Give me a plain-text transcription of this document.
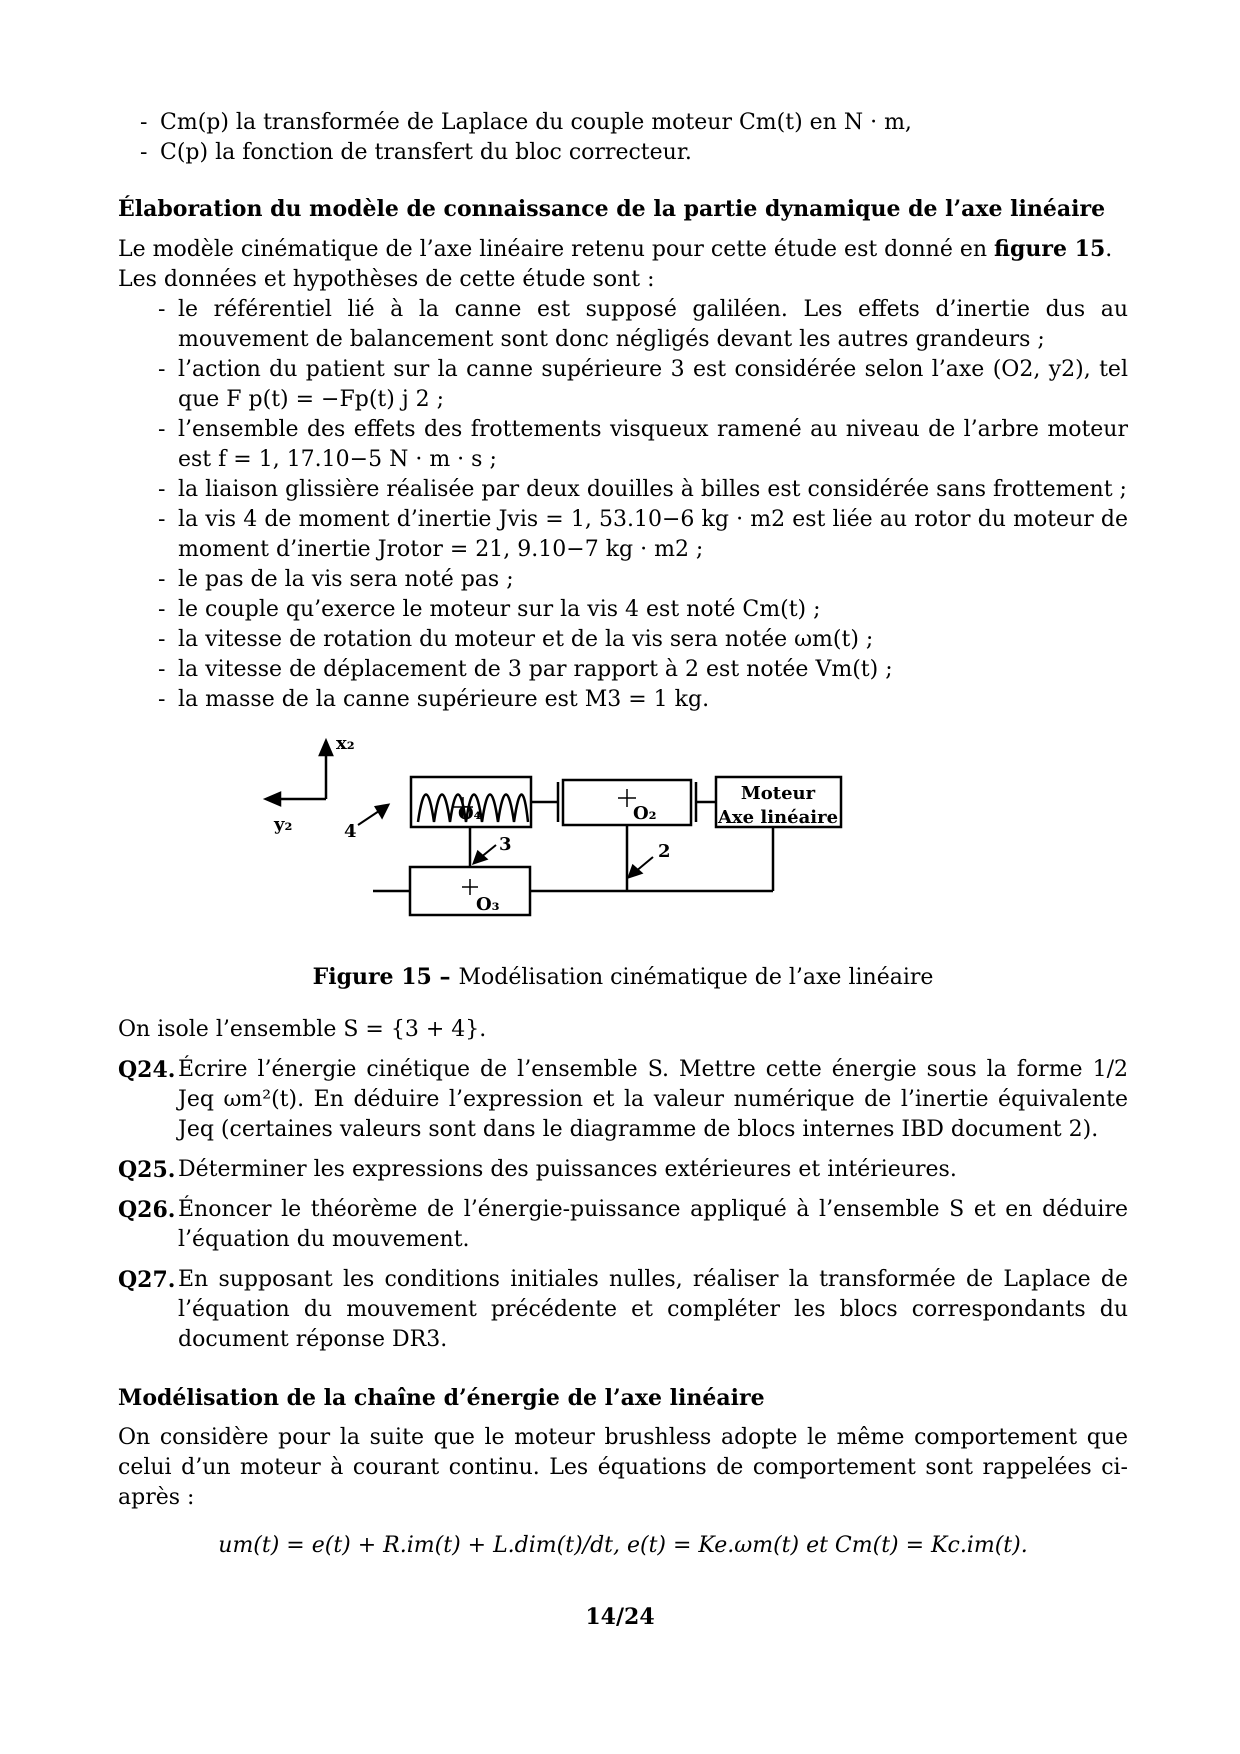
- Cm(p) la transformée de Laplace du couple moteur Cm(t) en N · m,
- C(p) la fonction de transfert du bloc correcteur.
Élaboration du modèle de connaissance de la partie dynamique de l’axe linéaire

Le modèle cinématique de l’axe linéaire retenu pour cette étude est donné en figure 15.

Les données et hypothèses de cette étude sont :

- le référentiel lié à la canne est supposé galiléen. Les effets d’inertie dus au mouvement de balancement sont donc négligés devant les autres grandeurs ;
- l’action du patient sur la canne supérieure 3 est considérée selon l’axe (O2, y2), tel que F p(t) = −Fp(t) j 2 ;
- l’ensemble des effets des frottements visqueux ramené au niveau de l’arbre moteur est f = 1, 17.10−5 N · m · s ;
- la liaison glissière réalisée par deux douilles à billes est considérée sans frottement ;
- la vis 4 de moment d’inertie Jvis = 1, 53.10−6 kg · m2 est liée au rotor du moteur de moment d’inertie Jrotor = 21, 9.10−7 kg · m2 ;
- le pas de la vis sera noté pas ;
- le couple qu’exerce le moteur sur la vis 4 est noté Cm(t) ;
- la vitesse de rotation du moteur et de la vis sera notée ωm(t) ;
- la vitesse de déplacement de 3 par rapport à 2 est notée Vm(t) ;
- la masse de la canne supérieure est M3 = 1 kg.
x₂
y₂	4
O₄	O₂
3	2
O₃
Moteur
Axe linéaire

Figure 15 – Modélisation cinématique de l’axe linéaire

On isole l’ensemble S = {3 + 4}.

Q24. Écrire l’énergie cinétique de l’ensemble S. Mettre cette énergie sous la forme 1/2 Jeq ωm²(t). En déduire l’expression et la valeur numérique de l’inertie équivalente Jeq (certaines valeurs sont dans le diagramme de blocs internes IBD document 2).
Q25. Déterminer les expressions des puissances extérieures et intérieures.
Q26. Énoncer le théorème de l’énergie-puissance appliqué à l’ensemble S et en déduire l’équation du mouvement.
Q27. En supposant les conditions initiales nulles, réaliser la transformée de Laplace de l’équation du mouvement précédente et compléter les blocs correspondants du document réponse DR3.
Modélisation de la chaîne d’énergie de l’axe linéaire

On considère pour la suite que le moteur brushless adopte le même comportement que celui d’un moteur à courant continu. Les équations de comportement sont rappelées ci-après :

um(t) = e(t) + R.im(t) + L.dim(t)/dt, e(t) = Ke.ωm(t) et Cm(t) = Kc.im(t).

14/24
